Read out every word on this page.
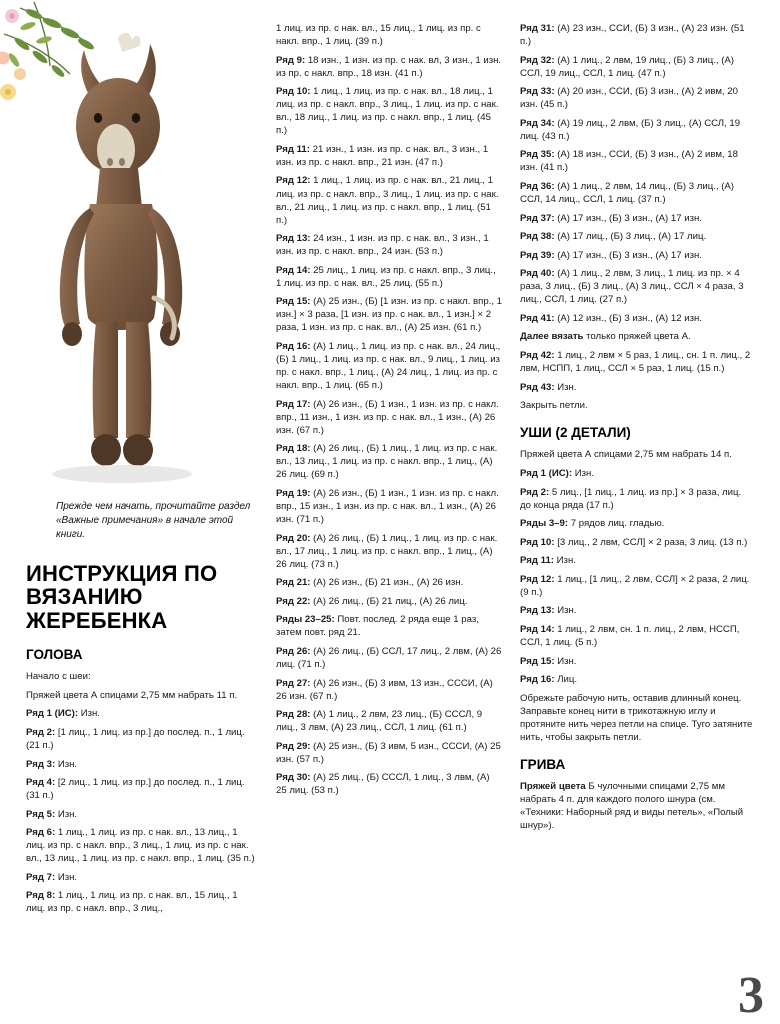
Прежде чем начать, прочитайте раздел «Важные примечания» в начале этой книги.
ИНСТРУКЦИЯ ПО ВЯЗАНИЮ ЖЕРЕБЕНКА
ГОЛОВА

Начало с шеи:

Пряжей цвета А спицами 2,75 мм набрать 11 п.

Ряд 1 (ИС): Изн.

Ряд 2: [1 лиц., 1 лиц. из пр.] до послед. п., 1 лиц. (21 п.)

Ряд 3: Изн.

Ряд 4: [2 лиц., 1 лиц. из пр.] до послед. п., 1 лиц. (31 п.)

Ряд 5: Изн.

Ряд 6: 1 лиц., 1 лиц. из пр. с нак. вл., 13 лиц., 1 лиц. из пр. с накл. впр., 3 лиц., 1 лиц. из пр. с нак. вл., 13 лиц., 1 лиц. из пр. с накл. впр., 1 лиц. (35 п.)

Ряд 7: Изн.

Ряд 8: 1 лиц., 1 лиц. из пр. с нак. вл., 15 лиц., 1 лиц. из пр. с накл. впр., 3 лиц.,

1 лиц. из пр. с нак. вл., 15 лиц., 1 лиц. из пр. с накл. впр., 1 лиц. (39 п.)

Ряд 9: 18 изн., 1 изн. из пр. с нак. вл, 3 изн., 1 изн. из пр. с накл. впр., 18 изн. (41 п.)

Ряд 10: 1 лиц., 1 лиц. из пр. с нак. вл., 18 лиц., 1 лиц. из пр. с накл. впр., 3 лиц., 1 лиц. из пр. с нак. вл., 18 лиц., 1 лиц. из пр. с накл. впр., 1 лиц. (45 п.)

Ряд 11: 21 изн., 1 изн. из пр. с нак. вл., 3 изн., 1 изн. из пр. с накл. впр., 21 изн. (47 п.)

Ряд 12: 1 лиц., 1 лиц. из пр. с нак. вл., 21 лиц., 1 лиц. из пр. с накл. впр., 3 лиц., 1 лиц. из пр. с нак. вл., 21 лиц., 1 лиц. из пр. с накл. впр., 1 лиц. (51 п.)

Ряд 13: 24 изн., 1 изн. из пр. с нак. вл., 3 изн., 1 изн. из пр. с накл. впр., 24 изн. (53 п.)

Ряд 14: 25 лиц., 1 лиц. из пр. с накл. впр., 3 лиц., 1 лиц. из пр. с нак. вл., 25 лиц. (55 п.)

Ряд 15: (А) 25 изн., (Б) [1 изн. из пр. с накл. впр., 1 изн.] × 3 раза, [1 изн. из пр. с нак. вл., 1 изн.] × 2 раза, 1 изн. из пр. с нак. вл., (А) 25 изн. (61 п.)

Ряд 16: (А) 1 лиц., 1 лиц. из пр. с нак. вл., 24 лиц., (Б) 1 лиц., 1 лиц. из пр. с нак. вл., 9 лиц., 1 лиц. из пр. с накл. впр., 1 лиц., (А) 24 лиц., 1 лиц. из пр. с накл. впр., 1 лиц. (65 п.)

Ряд 17: (А) 26 изн., (Б) 1 изн., 1 изн. из пр. с накл. впр., 11 изн., 1 изн. из пр. с нак. вл., 1 изн., (А) 26 изн. (67 п.)

Ряд 18: (А) 26 лиц., (Б) 1 лиц., 1 лиц. из пр. с нак. вл., 13 лиц., 1 лиц. из пр. с накл. впр., 1 лиц., (А) 26 лиц. (69 п.)

Ряд 19: (А) 26 изн., (Б) 1 изн., 1 изн. из пр. с накл. впр., 15 изн., 1 изн. из пр. с нак. вл., 1 изн., (А) 26 изн. (71 п.)

Ряд 20: (А) 26 лиц., (Б) 1 лиц., 1 лиц. из пр. с нак. вл., 17 лиц., 1 лиц. из пр. с накл. впр., 1 лиц., (А) 26 лиц. (73 п.)

Ряд 21: (А) 26 изн., (Б) 21 изн., (А) 26 изн.

Ряд 22: (А) 26 лиц., (Б) 21 лиц., (А) 26 лиц.

Ряды 23–25: Повт. послед. 2 ряда еще 1 раз, затем повт. ряд 21.

Ряд 26: (А) 26 лиц., (Б) ССЛ, 17 лиц., 2 лвм, (А) 26 лиц. (71 п.)

Ряд 27: (А) 26 изн., (Б) 3 ивм, 13 изн., СССИ, (А) 26 изн. (67 п.)

Ряд 28: (А) 1 лиц., 2 лвм, 23 лиц., (Б) СССЛ, 9 лиц., 3 лвм, (А) 23 лиц., ССЛ, 1 лиц. (61 п.)

Ряд 29: (А) 25 изн., (Б) 3 ивм, 5 изн., СССИ, (А) 25 изн. (57 п.)

Ряд 30: (А) 25 лиц., (Б) СССЛ, 1 лиц., 3 лвм, (А) 25 лиц. (53 п.)

Ряд 31: (А) 23 изн., ССИ, (Б) 3 изн., (А) 23 изн. (51 п.)

Ряд 32: (А) 1 лиц., 2 лвм, 19 лиц., (Б) 3 лиц., (А) ССЛ, 19 лиц., ССЛ, 1 лиц. (47 п.)

Ряд 33: (А) 20 изн., ССИ, (Б) 3 изн., (А) 2 ивм, 20 изн. (45 п.)

Ряд 34: (А) 19 лиц., 2 лвм, (Б) 3 лиц., (А) ССЛ, 19 лиц. (43 п.)

Ряд 35: (А) 18 изн., ССИ, (Б) 3 изн., (А) 2 ивм, 18 изн. (41 п.)

Ряд 36: (А) 1 лиц., 2 лвм, 14 лиц., (Б) 3 лиц., (А) ССЛ, 14 лиц., ССЛ, 1 лиц. (37 п.)

Ряд 37: (А) 17 изн., (Б) 3 изн., (А) 17 изн.

Ряд 38: (А) 17 лиц., (Б) 3 лиц., (А) 17 лиц.

Ряд 39: (А) 17 изн., (Б) 3 изн., (А) 17 изн.

Ряд 40: (А) 1 лиц., 2 лвм, 3 лиц., 1 лиц. из пр. × 4 раза, 3 лиц., (Б) 3 лиц., (А) 3 лиц., ССЛ × 4 раза, 3 лиц., ССЛ, 1 лиц. (27 п.)

Ряд 41: (А) 12 изн., (Б) 3 изн., (А) 12 изн.

Далее вязать только пряжей цвета А.

Ряд 42: 1 лиц., 2 лвм × 5 раз, 1 лиц., сн. 1 п. лиц., 2 лвм, НСПП, 1 лиц., ССЛ × 5 раз, 1 лиц. (15 п.)

Ряд 43: Изн.

Закрыть петли.

УШИ (2 ДЕТАЛИ)

Пряжей цвета А спицами 2,75 мм набрать 14 п.

Ряд 1 (ИС): Изн.

Ряд 2: 5 лиц., [1 лиц., 1 лиц. из пр.] × 3 раза, лиц. до конца ряда (17 п.)

Ряды 3–9: 7 рядов лиц. гладью.

Ряд 10: [3 лиц., 2 лвм, ССЛ] × 2 раза, 3 лиц. (13 п.)

Ряд 11: Изн.

Ряд 12: 1 лиц., [1 лиц., 2 лвм, ССЛ] × 2 раза, 2 лиц. (9 п.)

Ряд 13: Изн.

Ряд 14: 1 лиц., 2 лвм, сн. 1 п. лиц., 2 лвм, НССП, ССЛ, 1 лиц. (5 п.)

Ряд 15: Изн.

Ряд 16: Лиц.

Обрежьте рабочую нить, оставив длинный конец. Заправьте конец нити в трикотажную иглу и протяните нить через петли на спице. Туго затяните нить, чтобы закрыть петли.

ГРИВА

Пряжей цвета Б чулочными спицами 2,75 мм набрать 4 п. для каждого полого шнура (см. «Техники: Наборный ряд и виды петель», «Полый шнур»).

3
